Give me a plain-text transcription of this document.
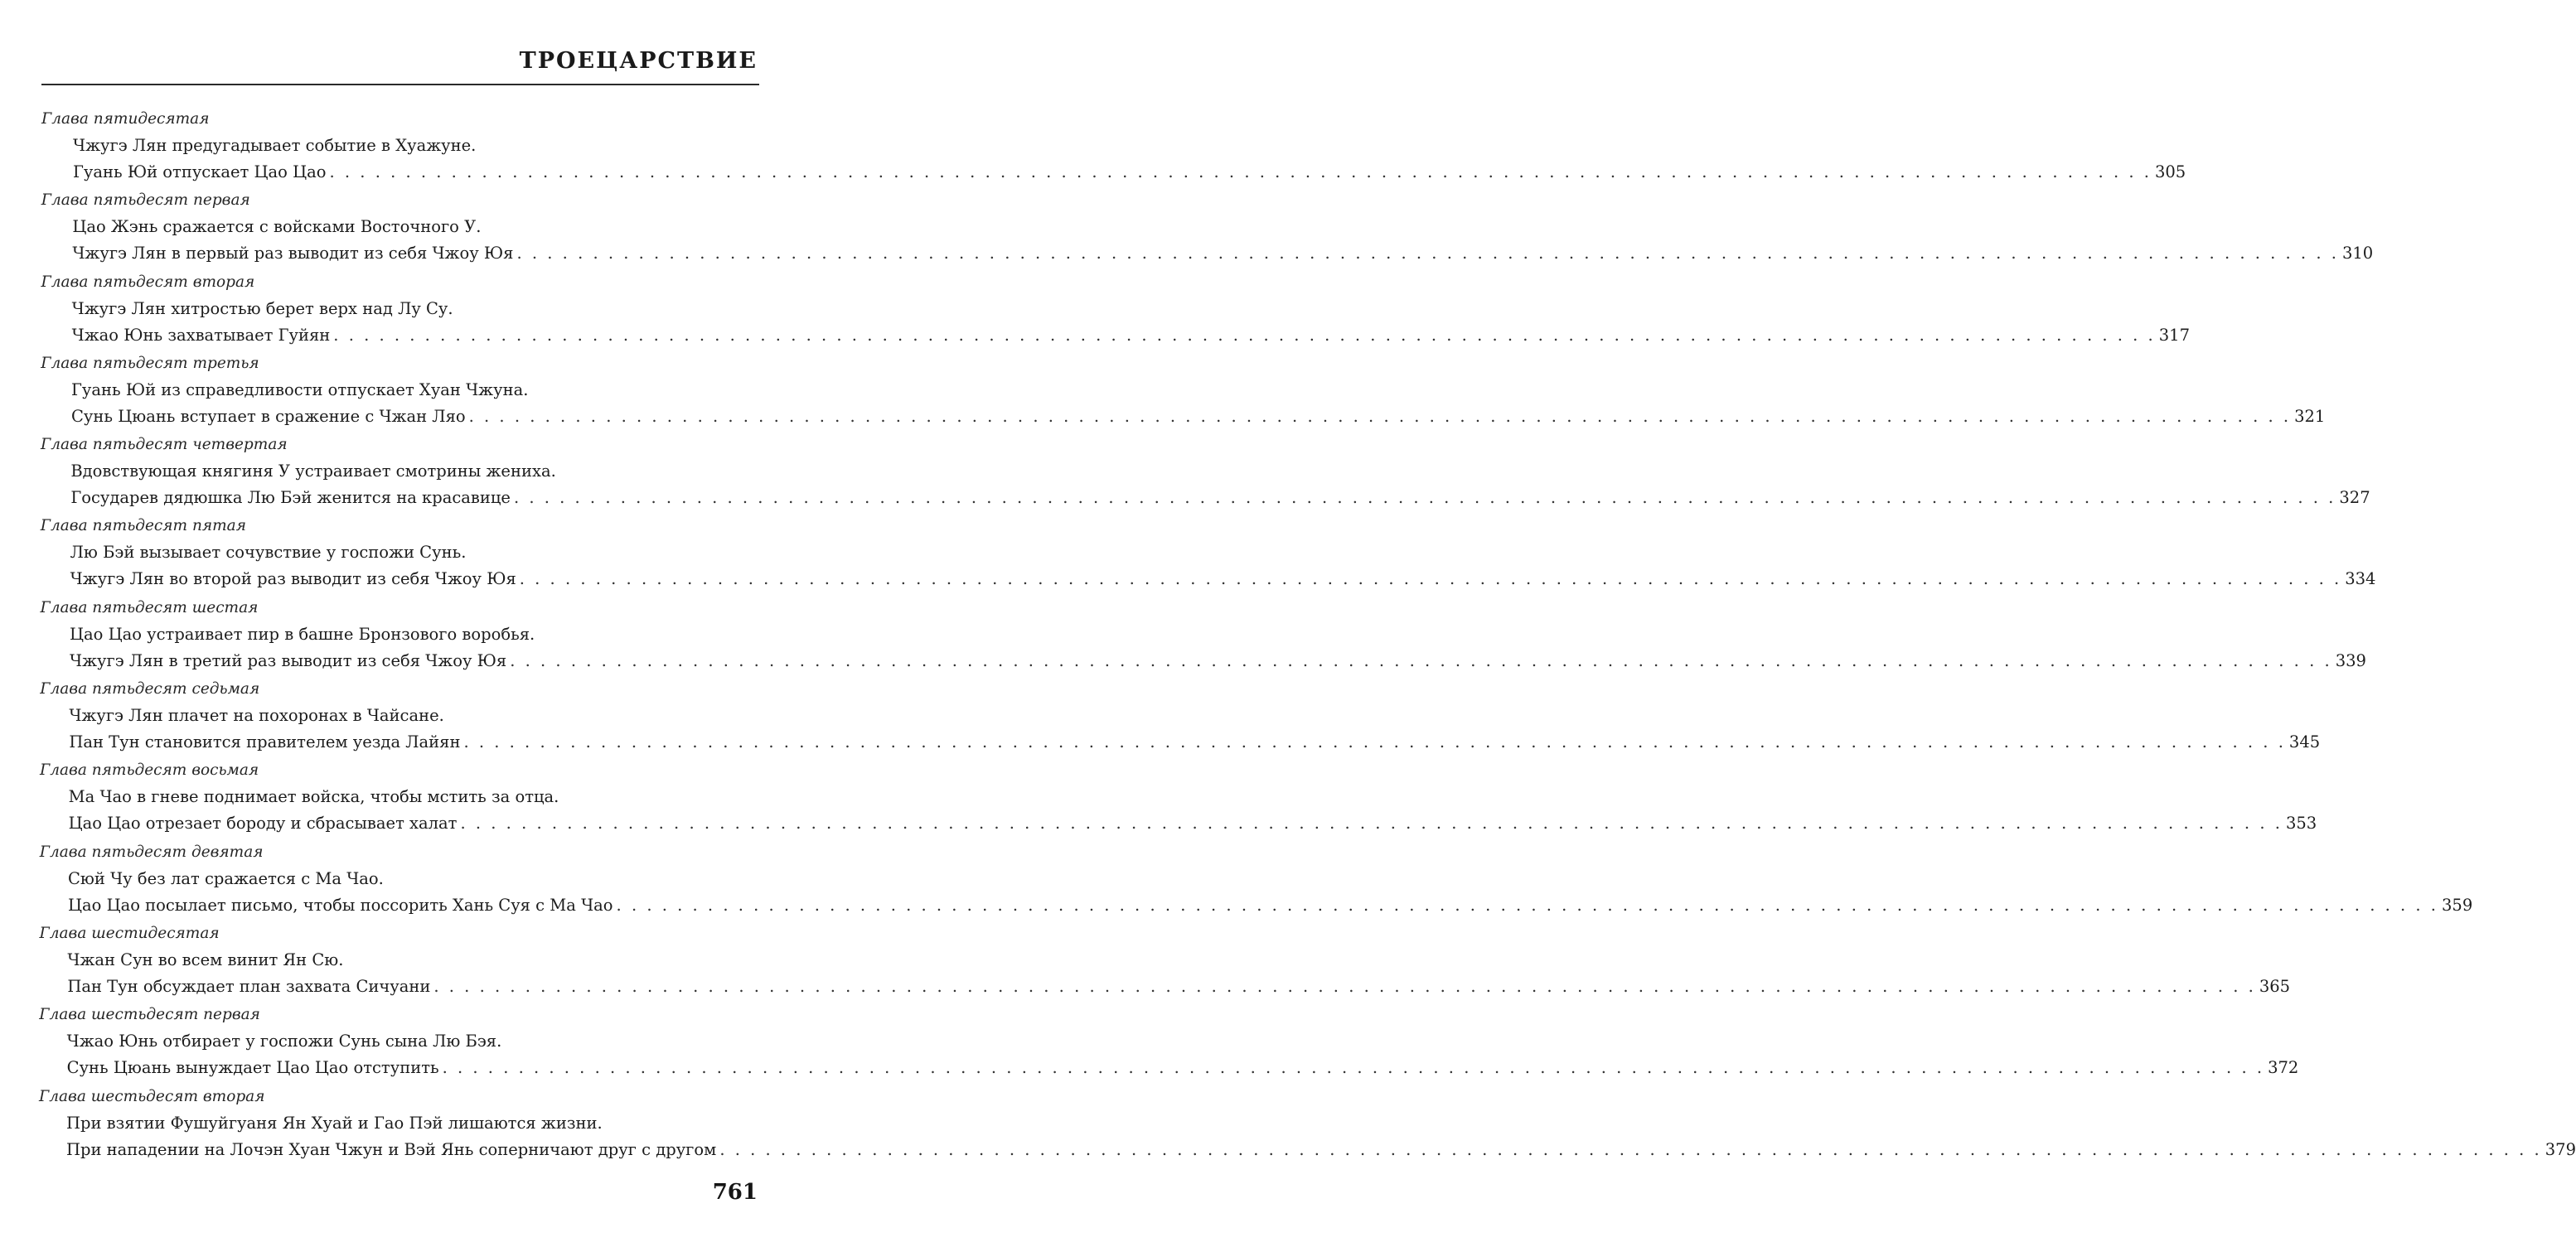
ТРОЕЦАРСТВИЕ
Глава пятидесятая
Чжугэ Лян предугадывает событие в Хуажуне.
Гуань Юй отпускает Цао Цао . . . . . . . . . . . . . . . . . . . . . . . . . . . . . . . . . . . . . . . . . . . . . . . . . . . . . . . . . . . . . . . . . . . . . . . . . . . . . . . . . . . . . . . . . . . . . . . . . . . . . . . . . . . . . . . . . . . . . . . . 305
Глава пятьдесят первая
Цао Жэнь сражается с войсками Восточного У.
Чжугэ Лян в первый раз выводит из себя Чжоу Юя . . . . . . . . . . . . . . . . . . . . . . . . . . . . . . . . . . . . . . . . . . . . . . . . . . . . . . . . . . . . . . . . . . . . . . . . . . . . . . . . . . . . . . . . . . . . . . . . . . . . . . . . . . . . . . . . . . . . . . . . 310
Глава пятьдесят вторая
Чжугэ Лян хитростью берет верх над Лу Су.
Чжао Юнь захватывает Гуйян . . . . . . . . . . . . . . . . . . . . . . . . . . . . . . . . . . . . . . . . . . . . . . . . . . . . . . . . . . . . . . . . . . . . . . . . . . . . . . . . . . . . . . . . . . . . . . . . . . . . . . . . . . . . . . . . . . . . . . . . 317
Глава пятьдесят третья
Гуань Юй из справедливости отпускает Хуан Чжуна.
Сунь Цюань вступает в сражение с Чжан Ляо . . . . . . . . . . . . . . . . . . . . . . . . . . . . . . . . . . . . . . . . . . . . . . . . . . . . . . . . . . . . . . . . . . . . . . . . . . . . . . . . . . . . . . . . . . . . . . . . . . . . . . . . . . . . . . . . . . . . . . . . 321
Глава пятьдесят четвертая
Вдовствующая княгиня У устраивает смотрины жениха.
Государев дядюшка Лю Бэй женится на красавице . . . . . . . . . . . . . . . . . . . . . . . . . . . . . . . . . . . . . . . . . . . . . . . . . . . . . . . . . . . . . . . . . . . . . . . . . . . . . . . . . . . . . . . . . . . . . . . . . . . . . . . . . . . . . . . . . . . . . . . . 327
Глава пятьдесят пятая
Лю Бэй вызывает сочувствие у госпожи Сунь.
Чжугэ Лян во второй раз выводит из себя Чжоу Юя . . . . . . . . . . . . . . . . . . . . . . . . . . . . . . . . . . . . . . . . . . . . . . . . . . . . . . . . . . . . . . . . . . . . . . . . . . . . . . . . . . . . . . . . . . . . . . . . . . . . . . . . . . . . . . . . . . . . . . . . 334
Глава пятьдесят шестая
Цао Цао устраивает пир в башне Бронзового воробья.
Чжугэ Лян в третий раз выводит из себя Чжоу Юя . . . . . . . . . . . . . . . . . . . . . . . . . . . . . . . . . . . . . . . . . . . . . . . . . . . . . . . . . . . . . . . . . . . . . . . . . . . . . . . . . . . . . . . . . . . . . . . . . . . . . . . . . . . . . . . . . . . . . . . . 339
Глава пятьдесят седьмая
Чжугэ Лян плачет на похоронах в Чайсане.
Пан Тун становится правителем уезда Лайян . . . . . . . . . . . . . . . . . . . . . . . . . . . . . . . . . . . . . . . . . . . . . . . . . . . . . . . . . . . . . . . . . . . . . . . . . . . . . . . . . . . . . . . . . . . . . . . . . . . . . . . . . . . . . . . . . . . . . . . . 345
Глава пятьдесят восьмая
Ма Чао в гневе поднимает войска, чтобы мстить за отца.
Цао Цао отрезает бороду и сбрасывает халат . . . . . . . . . . . . . . . . . . . . . . . . . . . . . . . . . . . . . . . . . . . . . . . . . . . . . . . . . . . . . . . . . . . . . . . . . . . . . . . . . . . . . . . . . . . . . . . . . . . . . . . . . . . . . . . . . . . . . . . . 353
Глава пятьдесят девятая
Сюй Чу без лат сражается с Ма Чао.
Цао Цао посылает письмо, чтобы поссорить Хань Суя с Ма Чао . . . . . . . . . . . . . . . . . . . . . . . . . . . . . . . . . . . . . . . . . . . . . . . . . . . . . . . . . . . . . . . . . . . . . . . . . . . . . . . . . . . . . . . . . . . . . . . . . . . . . . . . . . . . . . . . . . . . . . . . 359
Глава шестидесятая
Чжан Сун во всем винит Ян Сю.
Пан Тун обсуждает план захвата Сичуани . . . . . . . . . . . . . . . . . . . . . . . . . . . . . . . . . . . . . . . . . . . . . . . . . . . . . . . . . . . . . . . . . . . . . . . . . . . . . . . . . . . . . . . . . . . . . . . . . . . . . . . . . . . . . . . . . . . . . . . . 365
Глава шестьдесят первая
Чжао Юнь отбирает у госпожи Сунь сына Лю Бэя.
Сунь Цюань вынуждает Цао Цао отступить . . . . . . . . . . . . . . . . . . . . . . . . . . . . . . . . . . . . . . . . . . . . . . . . . . . . . . . . . . . . . . . . . . . . . . . . . . . . . . . . . . . . . . . . . . . . . . . . . . . . . . . . . . . . . . . . . . . . . . . . 372
Глава шестьдесят вторая
При взятии Фушуйгуаня Ян Хуай и Гао Пэй лишаются жизни.
При нападении на Лочэн Хуан Чжун и Вэй Янь соперничают друг с другом . . . . . . . . . . . . . . . . . . . . . . . . . . . . . . . . . . . . . . . . . . . . . . . . . . . . . . . . . . . . . . . . . . . . . . . . . . . . . . . . . . . . . . . . . . . . . . . . . . . . . . . . . . . . . . . . . . . . . . . . 379
761
